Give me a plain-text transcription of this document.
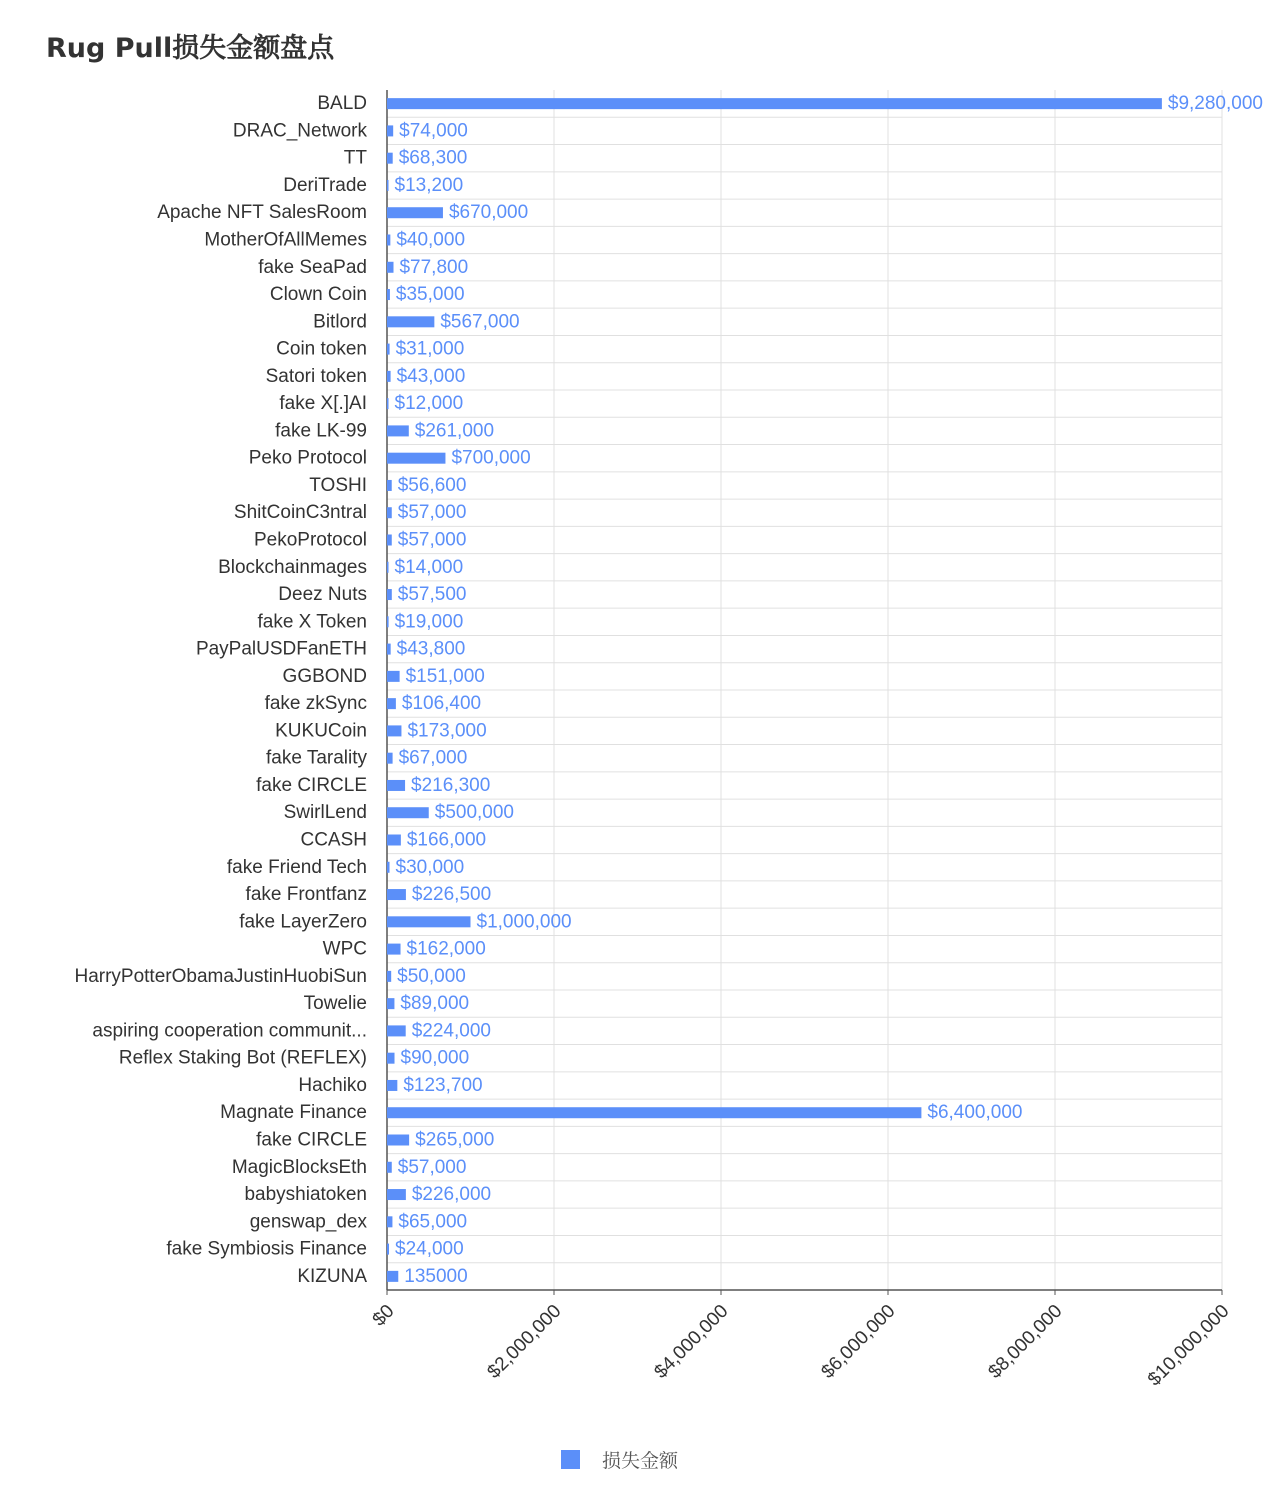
Rug Pull损失金额盘点
BALD	$9,280,000
DRAC_Network $74,000
TT $68,300
DeriTrade $13,200
Apache NFT SalesRoom	$670,000
MotherOfAllMemes $40,000
fake SeaPad $77,800
Clown Coin $35,000
Bitlord	$567,000
Coin token $31,000
Satori token $43,000
fake X[.]AI $12,000
fake LK-99	$261,000
Peko Protocol	$700,000
TOSHI $56,600
ShitCoinC3ntral $57,000
PekoProtocol $57,000
Blockchainmages $14,000
Deez Nuts $57,500
fake X Token $19,000
PayPalUSDFanETH $43,800
GGBOND $151,000
fake zkSync $106,400
KUKUCoin $173,000
fake Tarality $67,000
fake CIRCLE $216,300
SwirlLend	$500,000
CCASH $166,000
fake Friend Tech $30,000
fake Frontfanz $226,500
fake LayerZero	$1,000,000
WPC $162,000
HarryPotterObamaJustinHuobiSun $50,000
Towelie $89,000
aspiring cooperation communit... $224,000
Reflex Staking Bot (REFLEX) $90,000
Hachiko $123,700
Magnate Finance	$6,400,000
fake CIRCLE	$265,000
MagicBlocksEth $57,000
babyshiatoken $226,000
genswap_dex $65,000
fake Symbiosis Finance $24,000
KIZUNA 135000
$0	$2,000,000	$4,000,000	$6,000,000	$8,000,000	$10,000,000
损失金额
